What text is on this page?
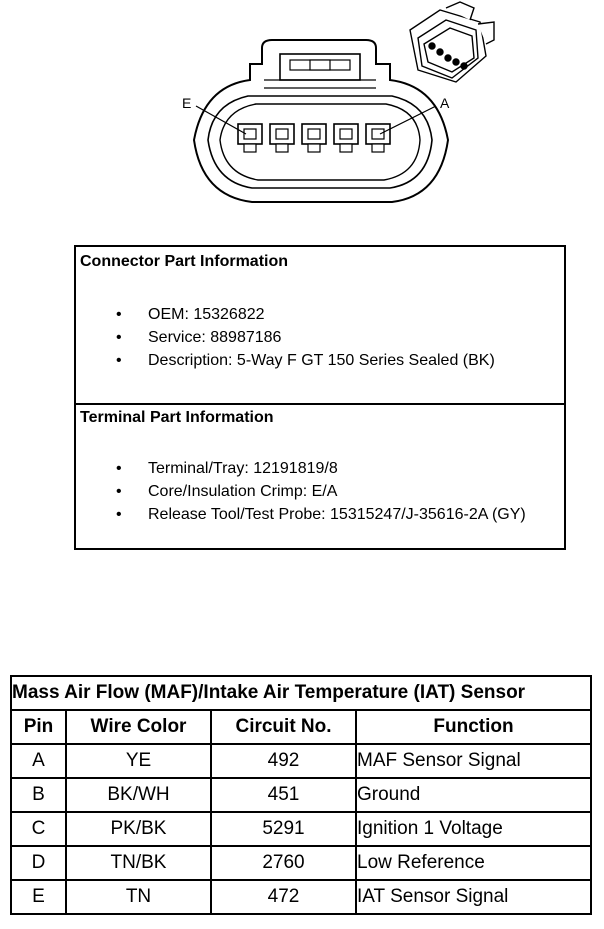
E	A
Connector Part Information
• OEM: 15326822
• Service: 88987186
• Description: 5-Way F GT 150 Series Sealed (BK)
Terminal Part Information
• Terminal/Tray: 12191819/8
• Core/Insulation Crimp: E/A
• Release Tool/Test Probe: 15315247/J-35616-2A (GY)
Mass Air Flow (MAF)/Intake Air Temperature (IAT) Sensor			
Pin	Wire Color	Circuit No.	Function
A	YE	492	MAF Sensor Signal
B	BK/WH	451	Ground
C	PK/BK	5291	Ignition 1 Voltage
D	TN/BK	2760	Low Reference
E	TN	472	IAT Sensor Signal
